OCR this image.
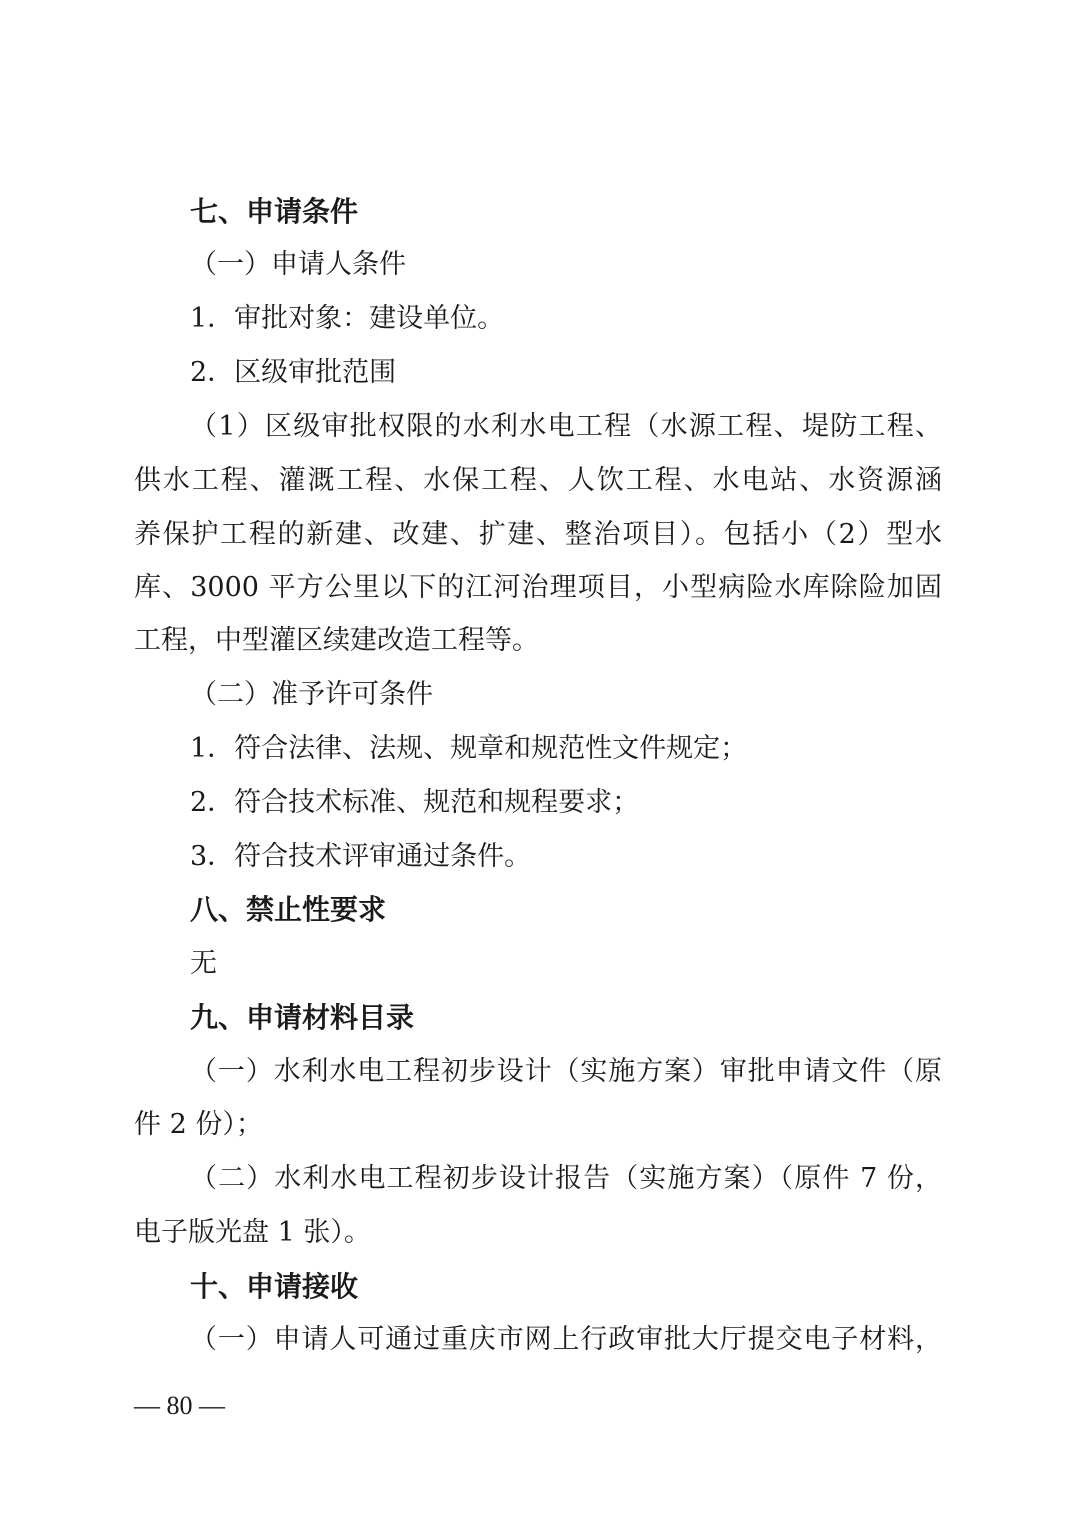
七、申请条件
（一）申请人条件
1．审批对象：建设单位。
2．区级审批范围
（1）区级审批权限的水利水电工程（水源工程、堤防工程、
供水工程、灌溉工程、水保工程、人饮工程、水电站、水资源涵
养保护工程的新建、改建、扩建、整治项目）。包括小（2）型水
库、3000 平方公里以下的江河治理项目，小型病险水库除险加固
工程，中型灌区续建改造工程等。
（二）准予许可条件
1．符合法律、法规、规章和规范性文件规定；
2．符合技术标准、规范和规程要求；
3．符合技术评审通过条件。
八、禁止性要求
无
九、申请材料目录
（一）水利水电工程初步设计（实施方案）审批申请文件（原
件 2 份）；
（二）水利水电工程初步设计报告（实施方案）（原件 7 份，
电子版光盘 1 张）。
十、申请接收
（一）申请人可通过重庆市网上行政审批大厅提交电子材料，
— 80 —
